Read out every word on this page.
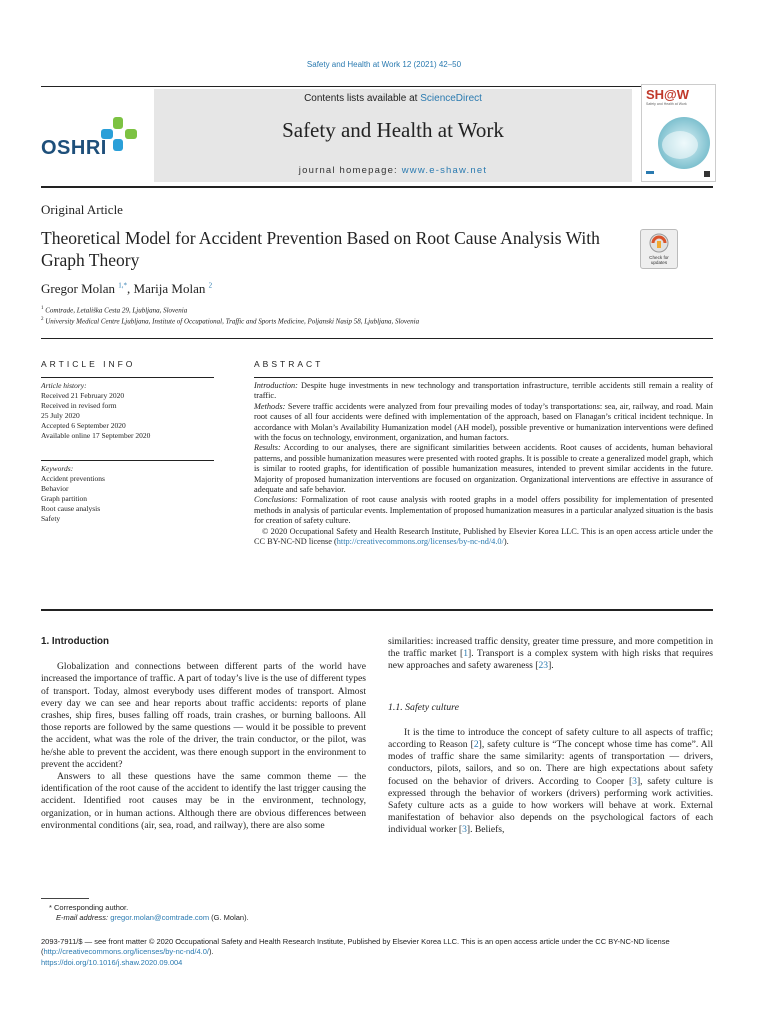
Safety and Health at Work 12 (2021) 42–50
OSHRI
Contents lists available at ScienceDirect
Safety and Health at Work
journal homepage: www.e-shaw.net
SH@W
Safety and Health at Work
Original Article
Theoretical Model for Accident Prevention Based on Root Cause Analysis With Graph Theory	Check for updates
Gregor Molan $^{1,*}$, Marija Molan $^2$
$^1$ Comtrade, Letališka Cesta 29, Ljubljana, Slovenia
$^2$ University Medical Centre Ljubljana, Institute of Occupational, Traffic and Sports Medicine, Poljanski Nasip 58, Ljubljana, Slovenia
ARTICLE INFO
Article history:
Received 21 February 2020
Received in revised form
25 July 2020
Accepted 6 September 2020
Available online 17 September 2020
Keywords:
Accident preventions
Behavior
Graph partition
Root cause analysis
Safety
ABSTRACT

Introduction: Despite huge investments in new technology and transportation infrastructure, terrible accidents still remain a reality of traffic.

Methods: Severe traffic accidents were analyzed from four prevailing modes of today’s transportations: sea, air, railway, and road. Main root causes of all four accidents were defined with implementation of the approach, based on Flanagan’s critical incident technique. In accordance with Molan’s Availability Humanization model (AH model), possible preventive or humanization interventions were defined with the focus on technology, environment, organization, and human factors.

Results: According to our analyses, there are significant similarities between accidents. Root causes of accidents, human behavioral patterns, and possible humanization measures were presented with rooted graphs. It is possible to create a generalized model graph, which is similar to rooted graphs, for identification of possible humanization measures, intended to prevent similar accidents in the future. Majority of proposed humanization interventions are focused on organization. Organizational interventions are effective in assurance of adequate and safe behavior.

Conclusions: Formalization of root cause analysis with rooted graphs in a model offers possibility for implementation of presented methods in analysis of particular events. Implementation of proposed humanization measures in a particular analyzed situation is the basis for creation of safety culture.

© 2020 Occupational Safety and Health Research Institute, Published by Elsevier Korea LLC. This is an open access article under the CC BY-NC-ND license (http://creativecommons.org/licenses/by-nc-nd/4.0/).

1. Introduction

Globalization and connections between different parts of the world have increased the importance of traffic. A part of today’s live is the use of different types of transport. Today, almost everybody uses different modes of transport. Almost every day we can see and hear reports about traffic accidents: reports of plane crashes, ship fires, buses falling off roads, train crashes, or burning balloons. All those reports are followed by the same questions — would it be possible to prevent the accident, what was the role of the driver, the train conductor, or the pilot, was he/she able to prevent the accident, was there enough support in the environment to prevent the accident?

Answers to all these questions have the same common theme — the identification of the root cause of the accident to identify the last trigger causing the accident. Identified root causes may be in the environment, technology, organization, or in human actions. Although there are obvious differences between environmental conditions (air, sea, road, and railway), there are also some

similarities: increased traffic density, greater time pressure, and more competition in the traffic market [1]. Transport is a complex system with high risks that requires new approaches and safety awareness [23].

1.1. Safety culture

It is the time to introduce the concept of safety culture to all aspects of traffic; according to Reason [2], safety culture is “The concept whose time has come”. All modes of traffic share the same similarity: agents of transportation — drivers, conductors, pilots, sailors, and so on. There are high expectations about safety focused on the behavior of drivers. According to Cooper [3], safety culture is expressed through the behavior of workers (drivers) performing work activities. Safety culture acts as a guide to how workers will behave at work. External manifestation of behavior also depends on the psychological factors of each individual worker [3]. Beliefs,

* Corresponding author.
E-mail address: gregor.molan@comtrade.com (G. Molan).
2093-7911/$ — see front matter © 2020 Occupational Safety and Health Research Institute, Published by Elsevier Korea LLC. This is an open access article under the CC BY-NC-ND license (http://creativecommons.org/licenses/by-nc-nd/4.0/).
https://doi.org/10.1016/j.shaw.2020.09.004
